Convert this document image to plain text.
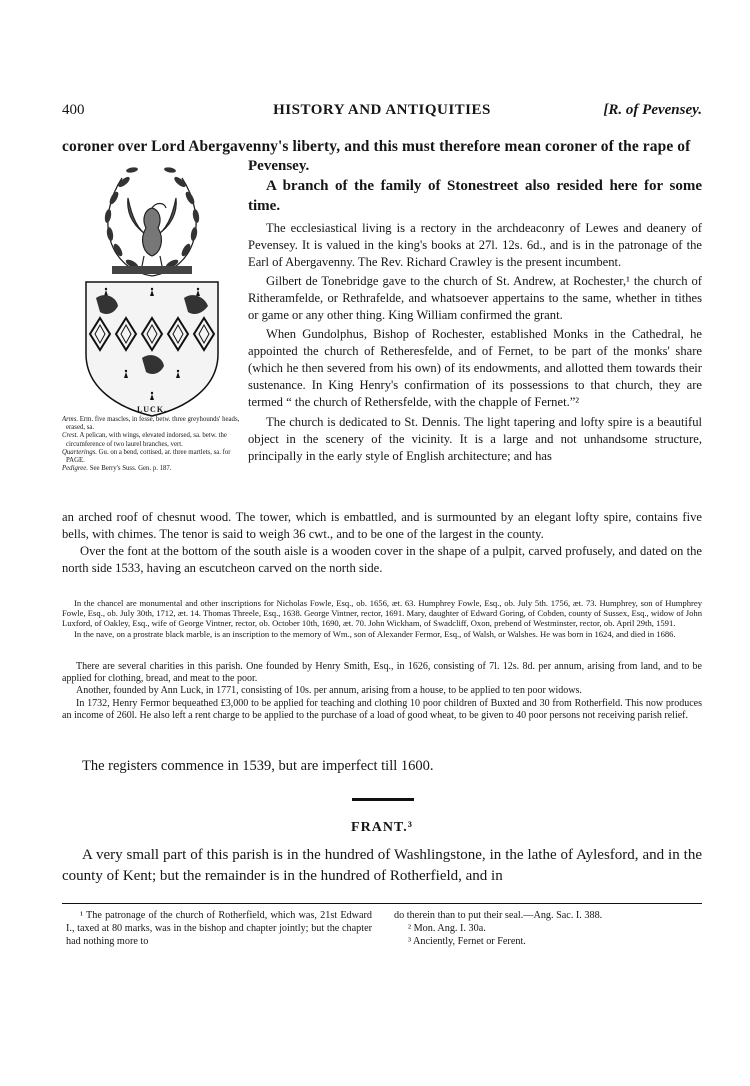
400	HISTORY AND ANTIQUITIES	[R. of Pevensey.
coroner over Lord Abergavenny's liberty, and this must therefore mean coroner of the rape of
LUCK.

Arms. Erm. five mascles, in fesse, betw. three greyhounds' heads, erased, sa.

Crest. A pelican, with wings, elevated indorsed, sa. betw. the circumference of two laurel branches, vert.

Quarterings. Gu. on a bend, cottised, ar. three martlets, sa. for PAGE.

Pedigree. See Berry's Suss. Gen. p. 187.

Pevensey.

A branch of the family of Stonestreet also resided here for some time.

The ecclesiastical living is a rectory in the archdeaconry of Lewes and deanery of Pevensey. It is valued in the king's books at 27l. 12s. 6d., and is in the patronage of the Earl of Abergavenny. The Rev. Richard Crawley is the present incumbent.

Gilbert de Tonebridge gave to the church of St. Andrew, at Rochester,¹ the church of Ritheramfelde, or Rethrafelde, and whatsoever appertains to the same, whether in tithes or game or any other thing. King William confirmed the grant.

When Gundolphus, Bishop of Rochester, established Monks in the Cathedral, he appointed the church of Retheresfelde, and of Fernet, to be part of the monks' share (which he then severed from his own) of its endowments, and allotted them towards their sustenance. In King Henry's confirmation of its possessions to that church, they are termed “ the church of Rethersfelde, with the chapple of Fernet.”²

The church is dedicated to St. Dennis. The light tapering and lofty spire is a beautiful object in the scenery of the vicinity. It is a large and not unhandsome structure, principally in the early style of English architecture; and has

an arched roof of chesnut wood. The tower, which is embattled, and is surmounted by an elegant lofty spire, contains five bells, with chimes. The tenor is said to weigh 36 cwt., and to be one of the largest in the county.

Over the font at the bottom of the south aisle is a wooden cover in the shape of a pulpit, carved profusely, and dated on the north side 1533, having an escutcheon carved on the north side.

In the chancel are monumental and other inscriptions for Nicholas Fowle, Esq., ob. 1656, æt. 63. Humphrey Fowle, Esq., ob. July 5th. 1756, æt. 73. Humphrey, son of Humphrey Fowle, Esq., ob. July 30th, 1712, æt. 14. Thomas Threele, Esq., 1638. George Vintner, rector, 1691. Mary, daughter of Edward Goring, of Cobden, county of Sussex, Esq., widow of John Luxford, of Oakley, Esq., wife of George Vintner, rector, ob. October 10th, 1690, æt. 70. John Wickham, of Swadcliff, Oxon, prebend of Westminster, rector, ob. April 29th, 1591.

In the nave, on a prostrate black marble, is an inscription to the memory of Wm., son of Alexander Fermor, Esq., of Walsh, or Walshes. He was born in 1624, and died in 1686.

There are several charities in this parish. One founded by Henry Smith, Esq., in 1626, consisting of 7l. 12s. 8d. per annum, arising from land, and to be applied for clothing, bread, and meat to the poor.

Another, founded by Ann Luck, in 1771, consisting of 10s. per annum, arising from a house, to be applied to ten poor widows.

In 1732, Henry Fermor bequeathed £3,000 to be applied for teaching and clothing 10 poor children of Buxted and 30 from Rotherfield. This now produces an income of 260l. He also left a rent charge to be applied to the purchase of a load of good wheat, to be given to 40 poor persons not receiving parish relief.

The registers commence in 1539, but are imperfect till 1600.
FRANT.³
A very small part of this parish is in the hundred of Washlingstone, in the lathe of Aylesford, and in the county of Kent; but the remainder is in the hundred of Rotherfield, and in
¹ The patronage of the church of Rotherfield, which was, 21st Edward I., taxed at 80 marks, was in the bishop and chapter jointly; but the chapter had nothing more to
do therein than to put their seal.—Ang. Sac. I. 388.
² Mon. Ang. I. 30a.
³ Anciently, Fernet or Ferent.
